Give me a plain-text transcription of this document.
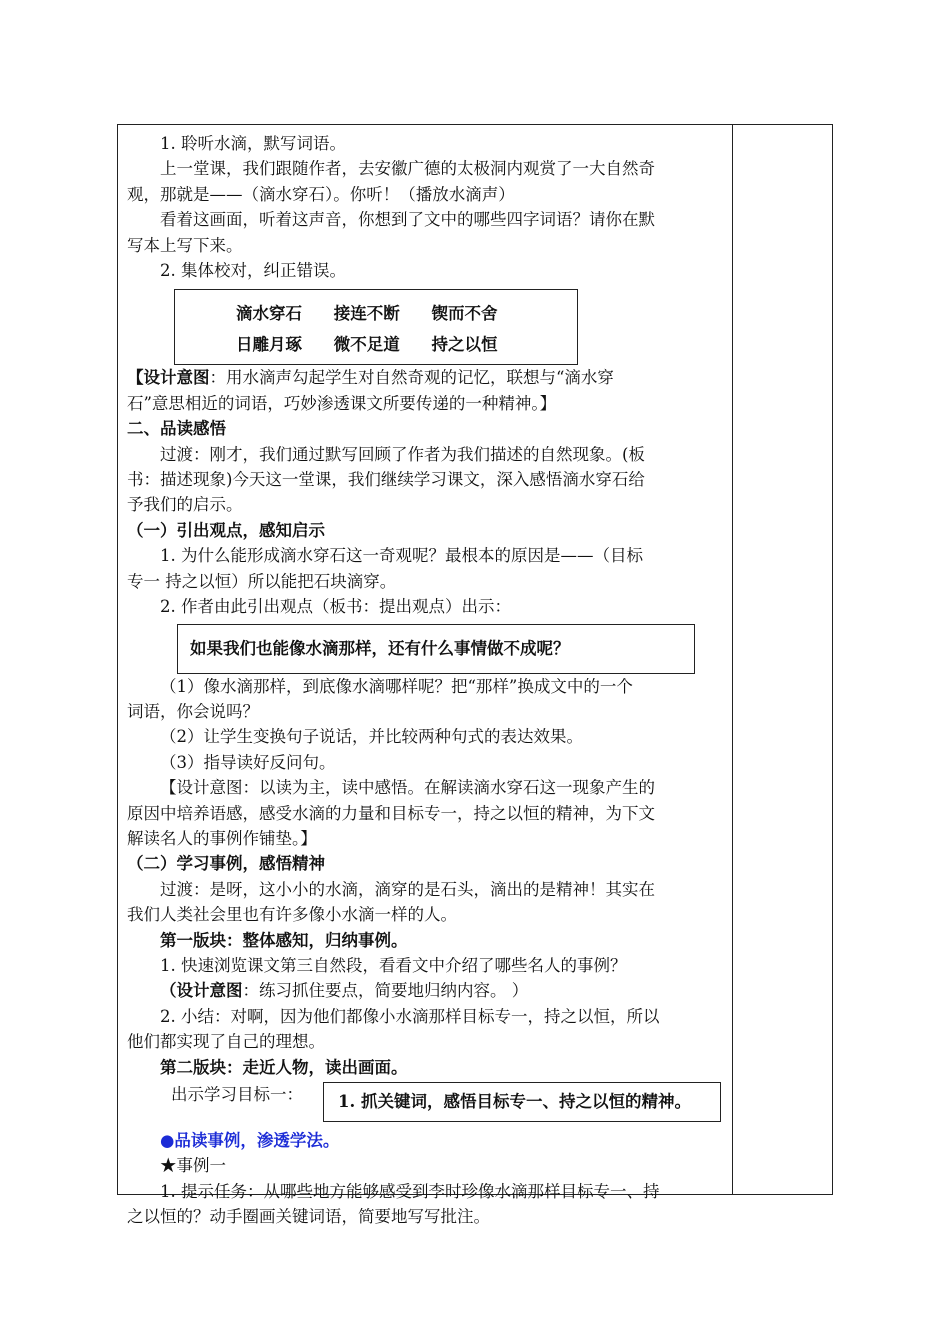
1. 聆听水滴，默写词语。
上一堂课，我们跟随作者，去安徽广德的太极洞内观赏了一大自然奇
观，那就是——（滴水穿石）。你听！（播放水滴声）
看着这画面，听着这声音，你想到了文中的哪些四字词语？请你在默
写本上写下来。
2. 集体校对，纠正错误。
滴水穿石 接连不断 锲而不舍
日雕月琢 微不足道 持之以恒
【设计意图：用水滴声勾起学生对自然奇观的记忆，联想与“滴水穿
石”意思相近的词语，巧妙渗透课文所要传递的一种精神。】
二、品读感悟
过渡：刚才，我们通过默写回顾了作者为我们描述的自然现象。(板
书：描述现象)今天这一堂课，我们继续学习课文，深入感悟滴水穿石给
予我们的启示。
（一）引出观点，感知启示
1. 为什么能形成滴水穿石这一奇观呢？最根本的原因是——（目标
专一 持之以恒）所以能把石块滴穿。
2. 作者由此引出观点（板书：提出观点）出示：
如果我们也能像水滴那样，还有什么事情做不成呢？
（1）像水滴那样，到底像水滴哪样呢？把“那样”换成文中的一个
词语，你会说吗？
（2）让学生变换句子说话，并比较两种句式的表达效果。
（3）指导读好反问句。
【设计意图：以读为主，读中感悟。在解读滴水穿石这一现象产生的
原因中培养语感，感受水滴的力量和目标专一，持之以恒的精神，为下文
解读名人的事例作铺垫。】
（二）学习事例，感悟精神
过渡：是呀，这小小的水滴，滴穿的是石头，滴出的是精神！其实在
我们人类社会里也有许多像小水滴一样的人。
第一版块：整体感知，归纳事例。
1. 快速浏览课文第三自然段，看看文中介绍了哪些名人的事例？
（设计意图：练习抓住要点，简要地归纳内容。 ）
2. 小结：对啊，因为他们都像小水滴那样目标专一，持之以恒，所以
他们都实现了自己的理想。
第二版块：走近人物，读出画面。
出示学习目标一：	1. 抓关键词，感悟目标专一、持之以恒的精神。
●品读事例，渗透学法。
★事例一
1. 提示任务：从哪些地方能够感受到李时珍像水滴那样目标专一、持
之以恒的？动手圈画关键词语，简要地写写批注。
